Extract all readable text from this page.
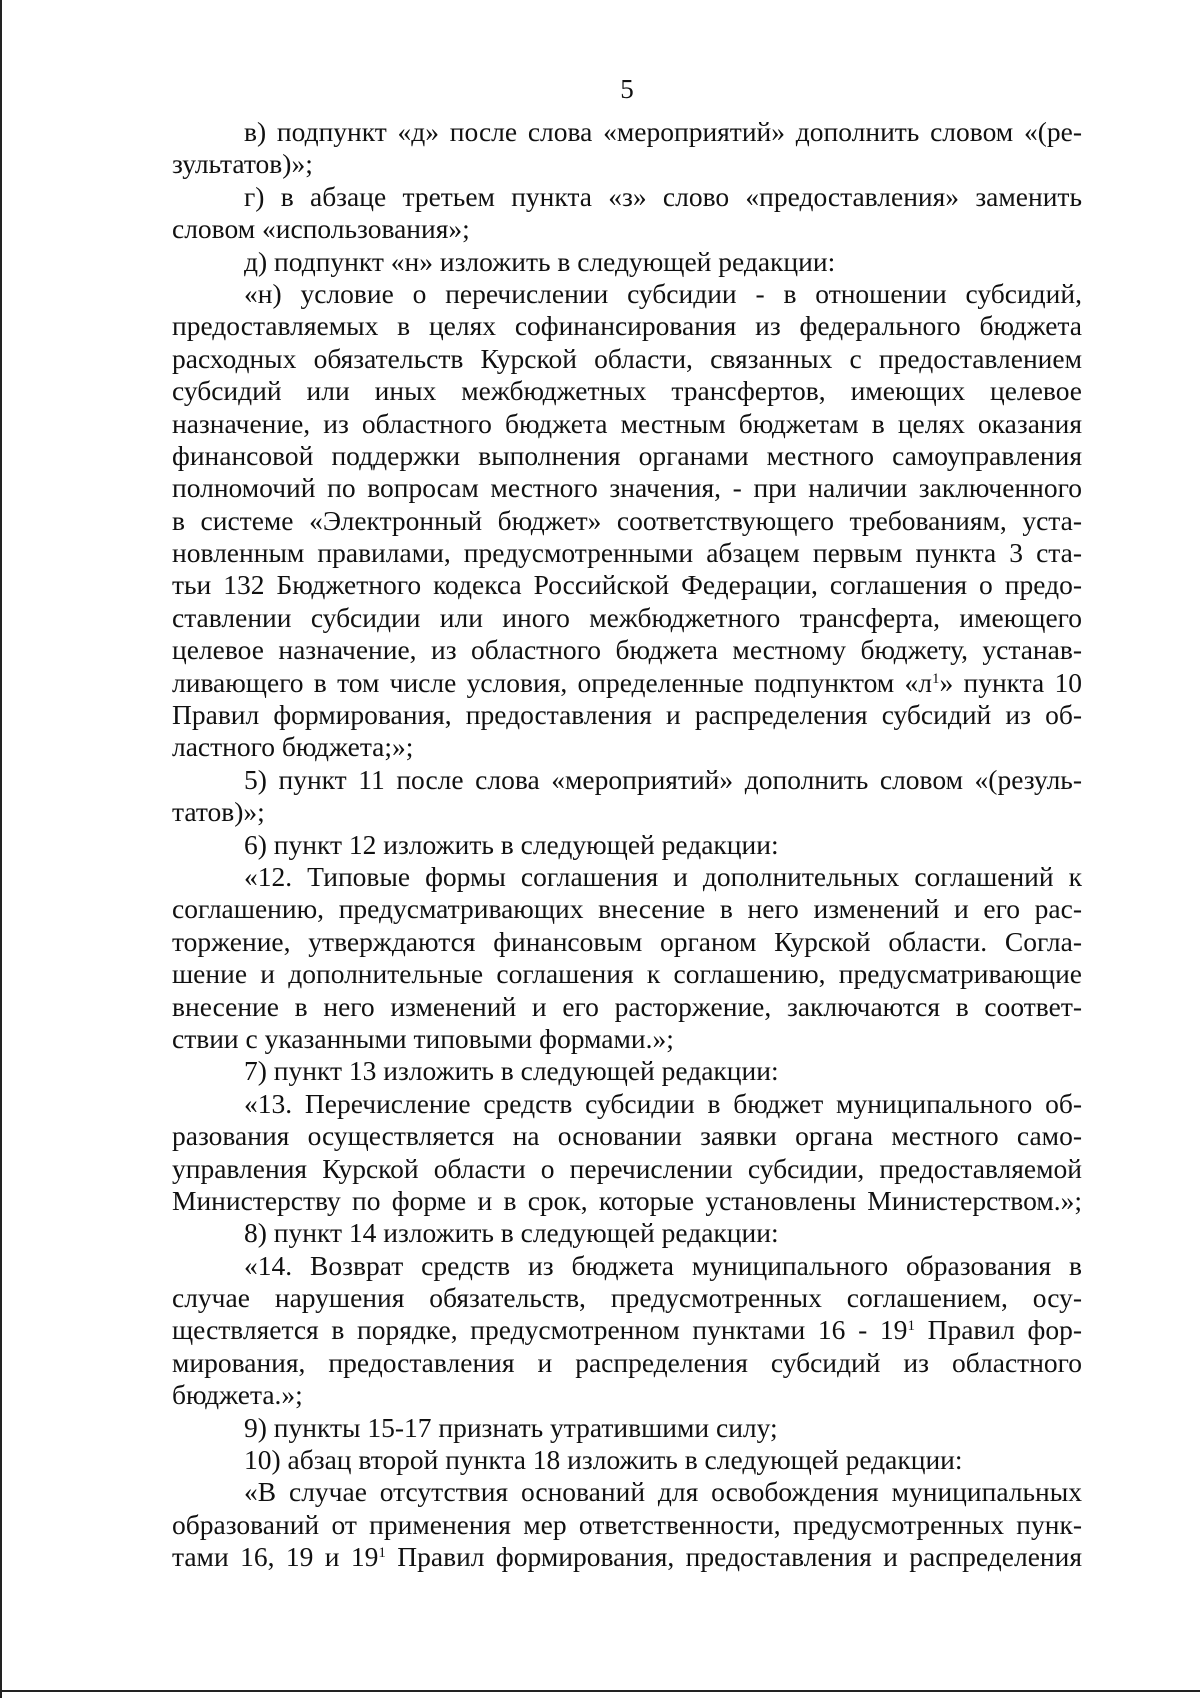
5
в) подпункт «д» после слова «мероприятий» дополнить словом «(ре-
зультатов)»;
г) в абзаце третьем пункта «з» слово «предоставления» заменить
словом «использования»;
д) подпункт «н» изложить в следующей редакции:
«н) условие о перечислении субсидии - в отношении субсидий,
предоставляемых в целях софинансирования из федерального бюджета
расходных обязательств Курской области, связанных с предоставлением
субсидий или иных межбюджетных трансфертов, имеющих целевое
назначение, из областного бюджета местным бюджетам в целях оказания
финансовой поддержки выполнения органами местного самоуправления
полномочий по вопросам местного значения, - при наличии заключенного
в системе «Электронный бюджет» соответствующего требованиям, уста-
новленным правилами, предусмотренными абзацем первым пункта 3 ста-
тьи 132 Бюджетного кодекса Российской Федерации, соглашения о предо-
ставлении субсидии или иного межбюджетного трансферта, имеющего
целевое назначение, из областного бюджета местному бюджету, устанав-
ливающего в том числе условия, определенные подпунктом «$л^1$» пункта 10
Правил формирования, предоставления и распределения субсидий из об-
ластного бюджета;»;
5) пункт 11 после слова «мероприятий» дополнить словом «(резуль-
татов)»;
6) пункт 12 изложить в следующей редакции:
«12. Типовые формы соглашения и дополнительных соглашений к
соглашению, предусматривающих внесение в него изменений и его рас-
торжение, утверждаются финансовым органом Курской области. Согла-
шение и дополнительные соглашения к соглашению, предусматривающие
внесение в него изменений и его расторжение, заключаются в соответ-
ствии с указанными типовыми формами.»;
7) пункт 13 изложить в следующей редакции:
«13. Перечисление средств субсидии в бюджет муниципального об-
разования осуществляется на основании заявки органа местного само-
управления Курской области о перечислении субсидии, предоставляемой
Министерству по форме и в срок, которые установлены Министерством.»;
8) пункт 14 изложить в следующей редакции:
«14. Возврат средств из бюджета муниципального образования в
случае нарушения обязательств, предусмотренных соглашением, осу-
ществляется в порядке, предусмотренном пунктами $16 - 19^1$ Правил фор-
мирования, предоставления и распределения субсидий из областного
бюджета.»;
9) пункты 15-17 признать утратившими силу;
10) абзац второй пункта 18 изложить в следующей редакции:
«В случае отсутствия оснований для освобождения муниципальных
образований от применения мер ответственности, предусмотренных пунк-
тами 16, 19 и $19^1$ Правил формирования, предоставления и распределения
